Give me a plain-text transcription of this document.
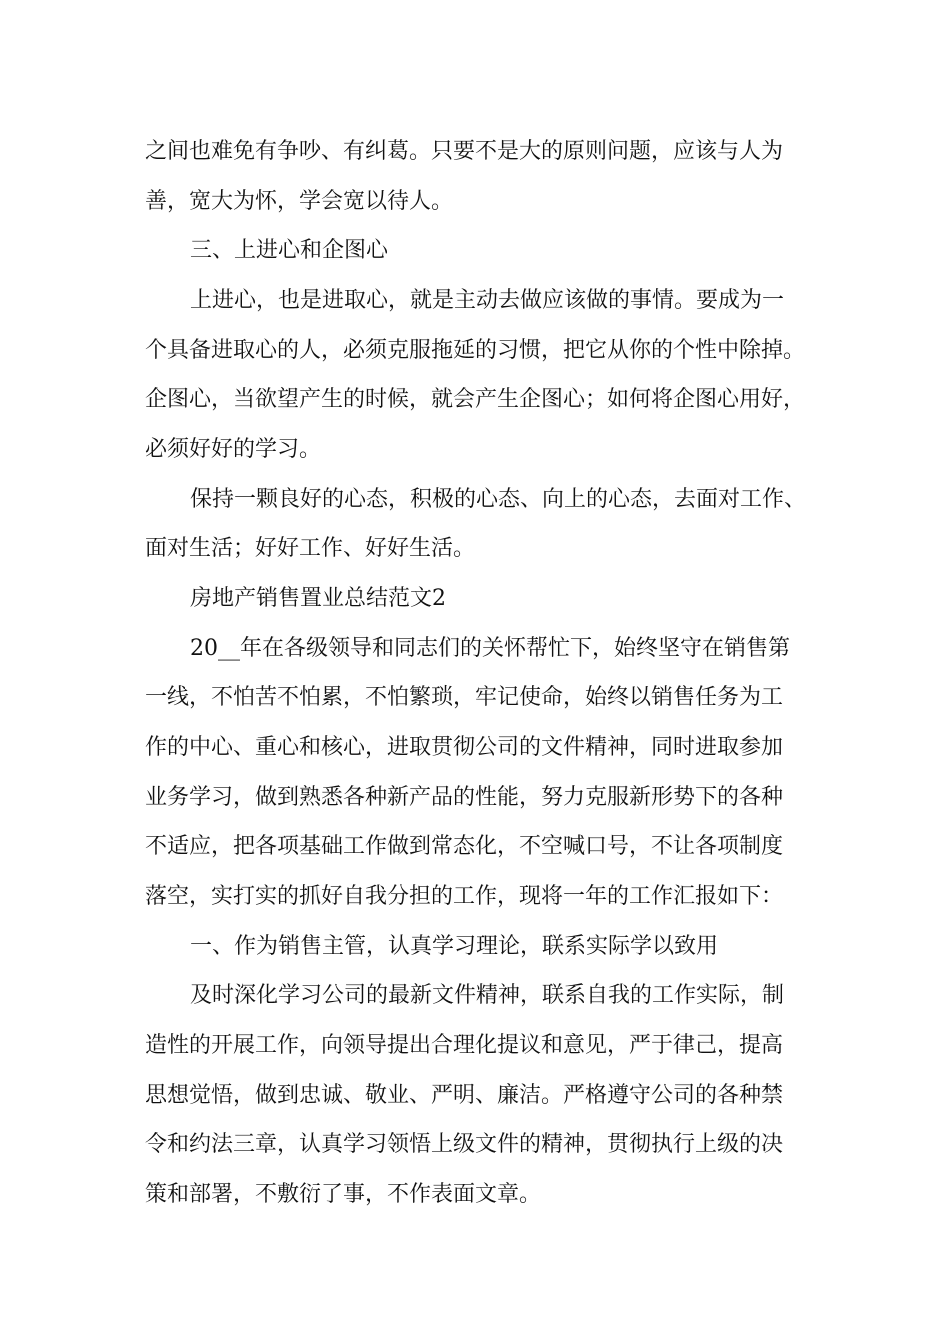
之间也难免有争吵、有纠葛。只要不是大的原则问题，应该与人为

善，宽大为怀，学会宽以待人。

三、上进心和企图心

上进心，也是进取心，就是主动去做应该做的事情。要成为一

个具备进取心的人，必须克服拖延的习惯，把它从你的个性中除掉。

企图心，当欲望产生的时候，就会产生企图心；如何将企图心用好，

必须好好的学习。

保持一颗良好的心态，积极的心态、向上的心态，去面对工作、

面对生活；好好工作、好好生活。

房地产销售置业总结范文2

20__年在各级领导和同志们的关怀帮忙下，始终坚守在销售第

一线，不怕苦不怕累，不怕繁琐，牢记使命，始终以销售任务为工

作的中心、重心和核心，进取贯彻公司的文件精神，同时进取参加

业务学习，做到熟悉各种新产品的性能，努力克服新形势下的各种

不适应，把各项基础工作做到常态化，不空喊口号，不让各项制度

落空，实打实的抓好自我分担的工作，现将一年的工作汇报如下：

一、作为销售主管，认真学习理论，联系实际学以致用

及时深化学习公司的最新文件精神，联系自我的工作实际，制

造性的开展工作，向领导提出合理化提议和意见，严于律己，提高

思想觉悟，做到忠诚、敬业、严明、廉洁。严格遵守公司的各种禁

令和约法三章，认真学习领悟上级文件的精神，贯彻执行上级的决

策和部署，不敷衍了事，不作表面文章。
